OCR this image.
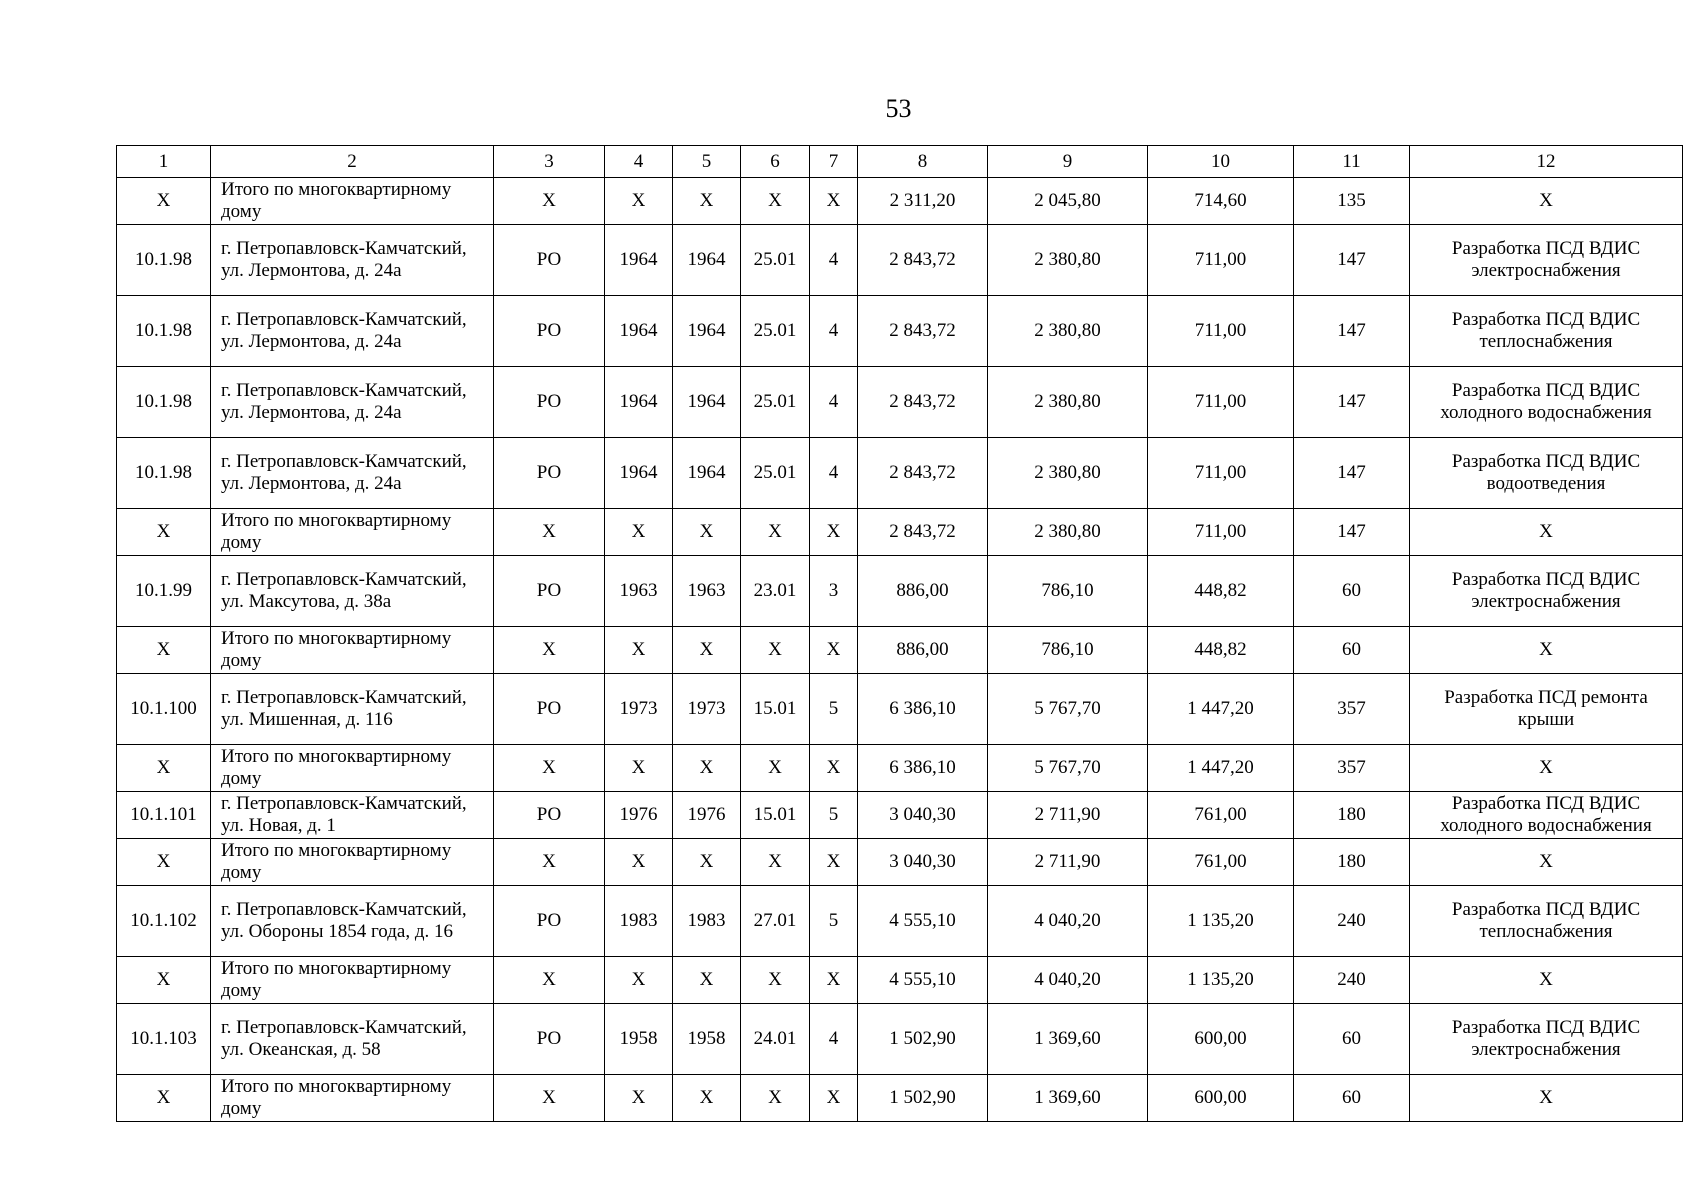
53
1	2	3	4	5	6	7	8	9	10	11	12
Х	Итого по многоквартирному дому	Х	Х	Х	Х	Х	2 311,20	2 045,80	714,60	135	Х
10.1.98	г. Петропавловск-Камчатский, ул. Лермонтова, д. 24а	РО	1964	1964	25.01	4	2 843,72	2 380,80	711,00	147	Разработка ПСД ВДИС электроснабжения
10.1.98	г. Петропавловск-Камчатский, ул. Лермонтова, д. 24а	РО	1964	1964	25.01	4	2 843,72	2 380,80	711,00	147	Разработка ПСД ВДИС теплоснабжения
10.1.98	г. Петропавловск-Камчатский, ул. Лермонтова, д. 24а	РО	1964	1964	25.01	4	2 843,72	2 380,80	711,00	147	Разработка ПСД ВДИС холодного водоснабжения
10.1.98	г. Петропавловск-Камчатский, ул. Лермонтова, д. 24а	РО	1964	1964	25.01	4	2 843,72	2 380,80	711,00	147	Разработка ПСД ВДИС водоотведения
Х	Итого по многоквартирному дому	Х	Х	Х	Х	Х	2 843,72	2 380,80	711,00	147	Х
10.1.99	г. Петропавловск-Камчатский, ул. Максутова, д. 38а	РО	1963	1963	23.01	3	886,00	786,10	448,82	60	Разработка ПСД ВДИС электроснабжения
Х	Итого по многоквартирному дому	Х	Х	Х	Х	Х	886,00	786,10	448,82	60	Х
10.1.100	г. Петропавловск-Камчатский, ул. Мишенная, д. 116	РО	1973	1973	15.01	5	6 386,10	5 767,70	1 447,20	357	Разработка ПСД ремонта крыши
Х	Итого по многоквартирному дому	Х	Х	Х	Х	Х	6 386,10	5 767,70	1 447,20	357	Х
10.1.101	г. Петропавловск-Камчатский, ул. Новая, д. 1	РО	1976	1976	15.01	5	3 040,30	2 711,90	761,00	180	Разработка ПСД ВДИС холодного водоснабжения
Х	Итого по многоквартирному дому	Х	Х	Х	Х	Х	3 040,30	2 711,90	761,00	180	Х
10.1.102	г. Петропавловск-Камчатский, ул. Обороны 1854 года, д. 16	РО	1983	1983	27.01	5	4 555,10	4 040,20	1 135,20	240	Разработка ПСД ВДИС теплоснабжения
Х	Итого по многоквартирному дому	Х	Х	Х	Х	Х	4 555,10	4 040,20	1 135,20	240	Х
10.1.103	г. Петропавловск-Камчатский, ул. Океанская, д. 58	РО	1958	1958	24.01	4	1 502,90	1 369,60	600,00	60	Разработка ПСД ВДИС электроснабжения
Х	Итого по многоквартирному дому	Х	Х	Х	Х	Х	1 502,90	1 369,60	600,00	60	Х
